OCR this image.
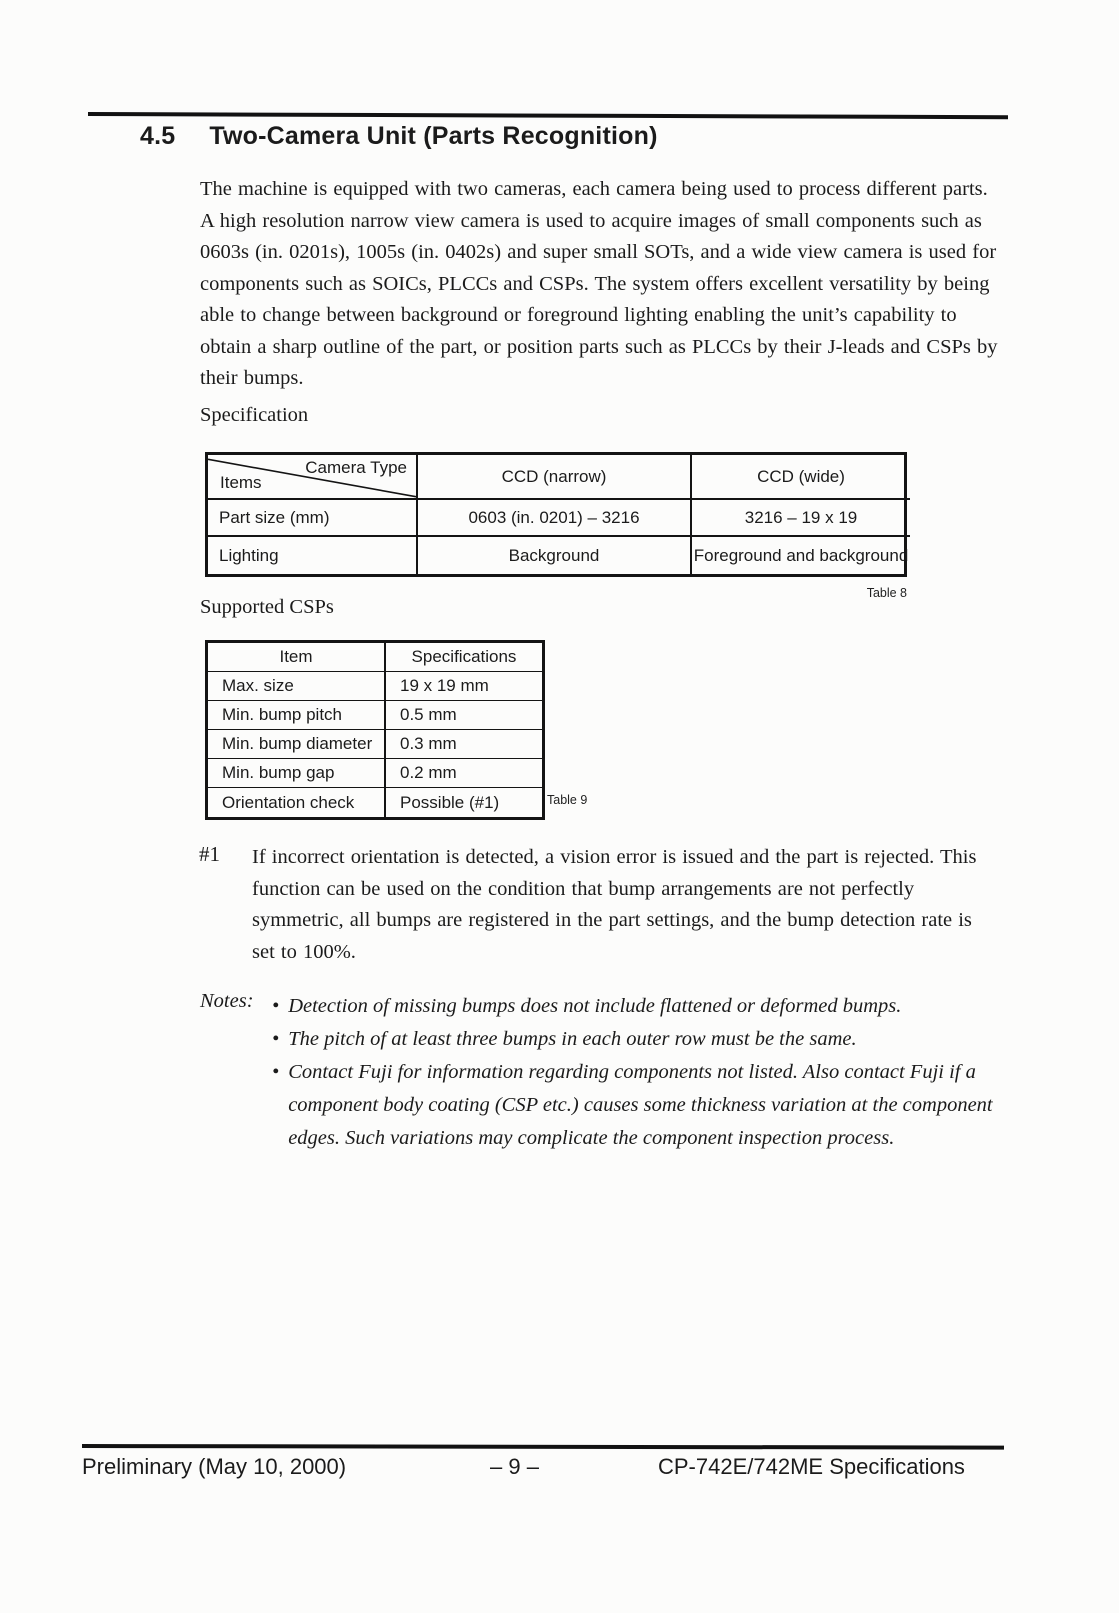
4.5 Two-Camera Unit (Parts Recognition)
The machine is equipped with two cameras, each camera being used to process different parts. A high resolution narrow view camera is used to acquire images of small components such as 0603s (in. 0201s), 1005s (in. 0402s) and super small SOTs, and a wide view camera is used for components such as SOICs, PLCCs and CSPs. The system offers excellent versatility by being able to change between background or foreground lighting enabling the unit’s capability to obtain a sharp outline of the part, or position parts such as PLCCs by their J-leads and CSPs by their bumps.
Specification
Camera Type
Items	CCD (narrow)	CCD (wide)
Part size (mm)	0603 (in. 0201) – 3216	3216 – 19 x 19
Lighting	Background	Foreground and background
Table 8
Supported CSPs
Item	Specifications
Max. size	19 x 19 mm
Min. bump pitch	0.5 mm
Min. bump diameter	0.3 mm
Min. bump gap	0.2 mm
Orientation check	Possible (#1)	Table 9
#1 If incorrect orientation is detected, a vision error is issued and the part is rejected. This function can be used on the condition that bump arrangements are not perfectly symmetric, all bumps are registered in the part settings, and the bump detection rate is set to 100%.
Notes: • Detection of missing bumps does not include flattened or deformed bumps.
• The pitch of at least three bumps in each outer row must be the same.
• Contact Fuji for information regarding components not listed. Also contact Fuji if a component body coating (CSP etc.) causes some thickness variation at the component edges. Such variations may complicate the component inspection process.
Preliminary (May 10, 2000)	– 9 –	CP-742E/742ME Specifications
